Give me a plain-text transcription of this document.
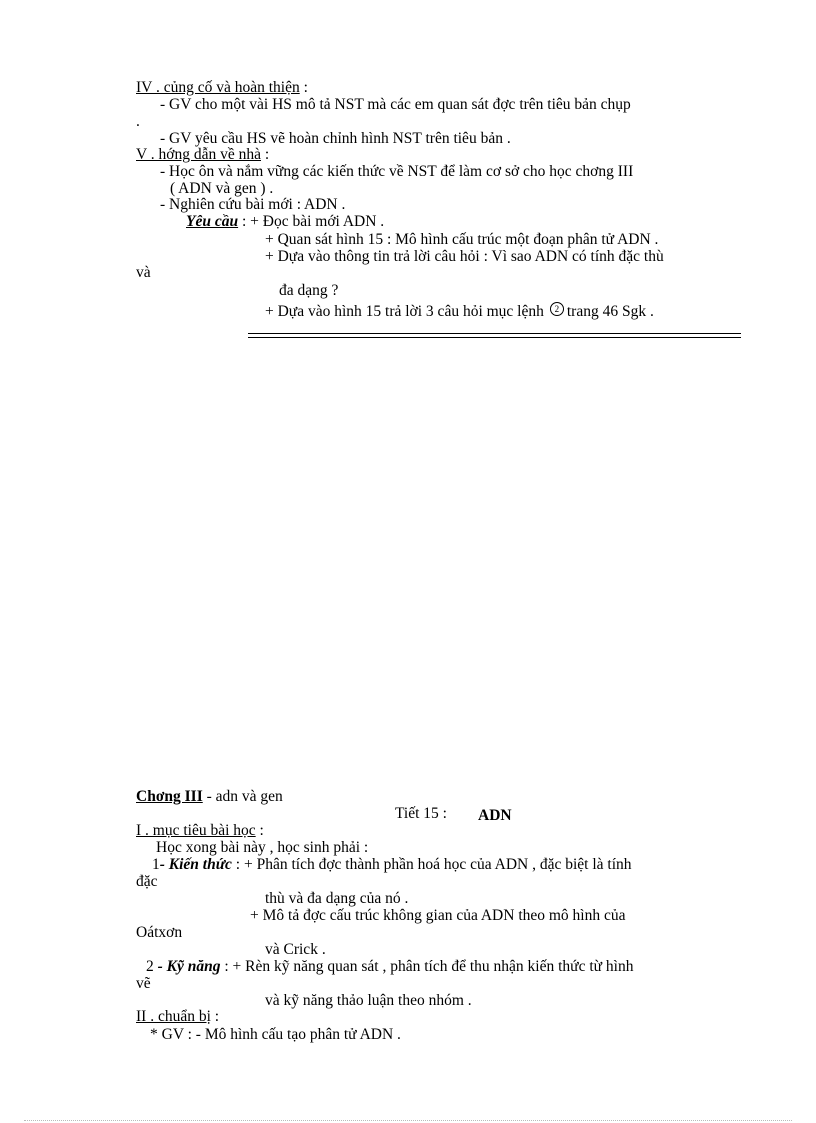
IV . củng cố và hoàn thiện :
- GV cho một vài HS mô tả NST mà các em quan sát đợc trên tiêu bản chụp
.
- GV yêu cầu HS vẽ hoàn chỉnh hình NST trên tiêu bản .
V . hớng dẫn về nhà :
- Học ôn và nắm vững các kiến thức về NST để làm cơ sở cho học chơng III
( ADN và gen ) .
- Nghiên cứu bài mới : ADN .
Yêu cầu : + Đọc bài mới ADN .
+ Quan sát hình 15 : Mô hình cấu trúc một đoạn phân tử ADN .
+ Dựa vào thông tin trả lời câu hỏi : Vì sao ADN có tính đặc thù
và
đa dạng ?
+ Dựa vào hình 15 trả lời 3 câu hỏi mục lệnh 2 trang 46 Sgk .
Chơng III - adn và gen
Tiết 15 : ADN
I . mục tiêu bài học :
Học xong bài này , học sinh phải :
1- Kiến thức : + Phân tích đợc thành phần hoá học của ADN , đặc biệt là tính
đặc
thù và đa dạng của nó .
+ Mô tả đợc cấu trúc không gian của ADN theo mô hình của
Oátxơn
và Crick .
2 - Kỹ năng : + Rèn kỹ năng quan sát , phân tích để thu nhận kiến thức từ hình
vẽ
và kỹ năng thảo luận theo nhóm .
II . chuẩn bị :
* GV : - Mô hình cấu tạo phân tử ADN .
